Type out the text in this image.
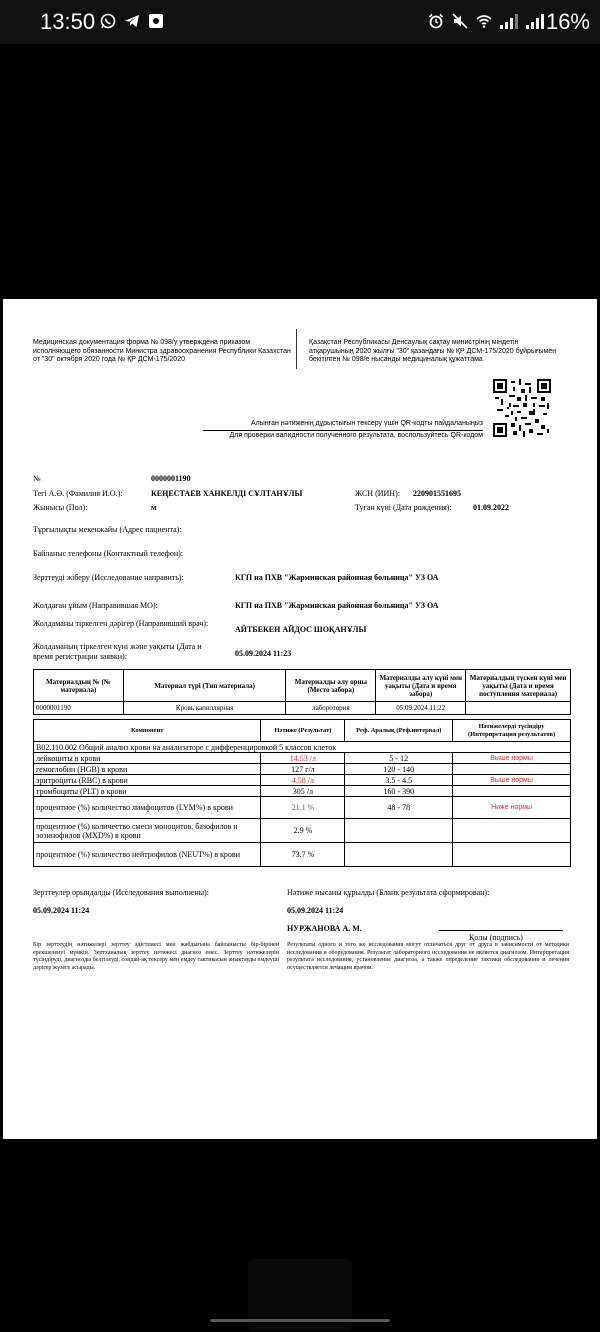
13:50	16%
Медицинская документация форма № 098/у утверждена приказом исполняющего обязанности Министра здравоохранения Республики Казахстан от "30" октября 2020 года № ҚР ДСМ-175/2020
Қазақстан Республикасы Денсаулық сақтау министрінің міндетін атқарушының 2020 жылғы "30" қазандағы № ҚР ДСМ-175/2020 бұйрығымен бекітілген № 098/е нысанды медициналық құжаттама
Алынған нәтиженің дұрыстығын тексеру үшін QR-кодты пайдаланыңыз
Для проверки валидности полученного результата, воспользуйтесь QR-кодом
№	0000001190
Тегі А.Ә. (Фамилия И.О.):	КЕҢЕСТАЕВ ХАНКЕЛДІ СҰЛТАНҰЛЫ	ЖСН (ИИН): 220901551695
Жынысы (Пол):	м	Туған күні (Дата рождения):	01.09.2022
Тұрғылықты мекенжайы (Адрес пациента):
Байланыс телефоны (Контактный телефон):
Зерттеуді жіберу (Исследование направить):	КГП на ПХВ "Жарминская районная больница" УЗ ОА
Жолдаған ұйым (Направившая МО):	КГП на ПХВ "Жарминская районная больница" УЗ ОА
Жолдаманы тіркелген дәрігер (Направивший врач):
АЙТБЕКЕН АЙДОС ШОҚАНҰЛЫ
Жолдаманың тіркелген күні және уақыты (Дата и время регистрации заявки):	05.09.2024 11:23
Материалдың № (№ материала)	Материал түрі (Тип материала)	Материалды алу орны (Место забора)	Материалды алу күні мен уақыты (Дата и время забора)	Материалдың түскен күні мен уақыты (Дата и время поступления материала)
0000001190	Кровь капиллярная	лаборотория	05.09.2024 11:22	
Компонент	Нәтиже (Результат)	Реф. Аралық (Реф.интервал)	Нәтижелерді түсіндіру (Интерпретация результатов)
B02.110.002 Общий анализ крови на анализаторе с дифференцировкой 5 классов клеток			
лейкоциты в крови	14.53 /л	5 - 12	Выше нормы
гемоглобин (HGB) в крови	127 г/л	120 - 140	
эритроциты (RBC) в крови	4.58 /л	3.5 - 4.5	Выше нормы
тромбоциты (PLT) в крови	305 /л	160 - 390	
процентное (%) количество лимфоцитов (LYM%) в крови	21.1 %	48 - 78	Ниже нормы
процентное (%) количество смеси моноцитов, базофилов и эозинофилов (MXD%) в крови	2.9 %		
процентное (%) количество нейтрофилов (NEUT%) в крови	73.7 %		
Зерттеулер орындалды (Исследования выполнены):
05.09.2024 11:24
Нәтиже нысаны құрылды (Бланк результата сформирован):
05.09.2024 11:24
НУРЖАНОВА А. М.
Қолы (подпись)
Бір зерттеудің нәтижелері зерттеу әдістемесі мен жабдығына байланысты бір-бірінен ерекшеленуі мүмкін. Зертханалық зерттеу нәтижесі диагноз емес. Зерттеу нәтижелерін түсіндіруді, диагнозды белгілеуді, сондай-ақ тексеру мен емдеу тактикасын анықтауды емдеуші дәрігер жүзеге асырады.
Результаты одного и того же исследования могут отличаться друг от друга в зависимости от методики исследования и оборудования. Результат лабораторного исследования не является диагнозом. Интерпретация результата исследования, установление диагноза, а также определение тактики обследования и лечения осуществляется лечащим врачом.
